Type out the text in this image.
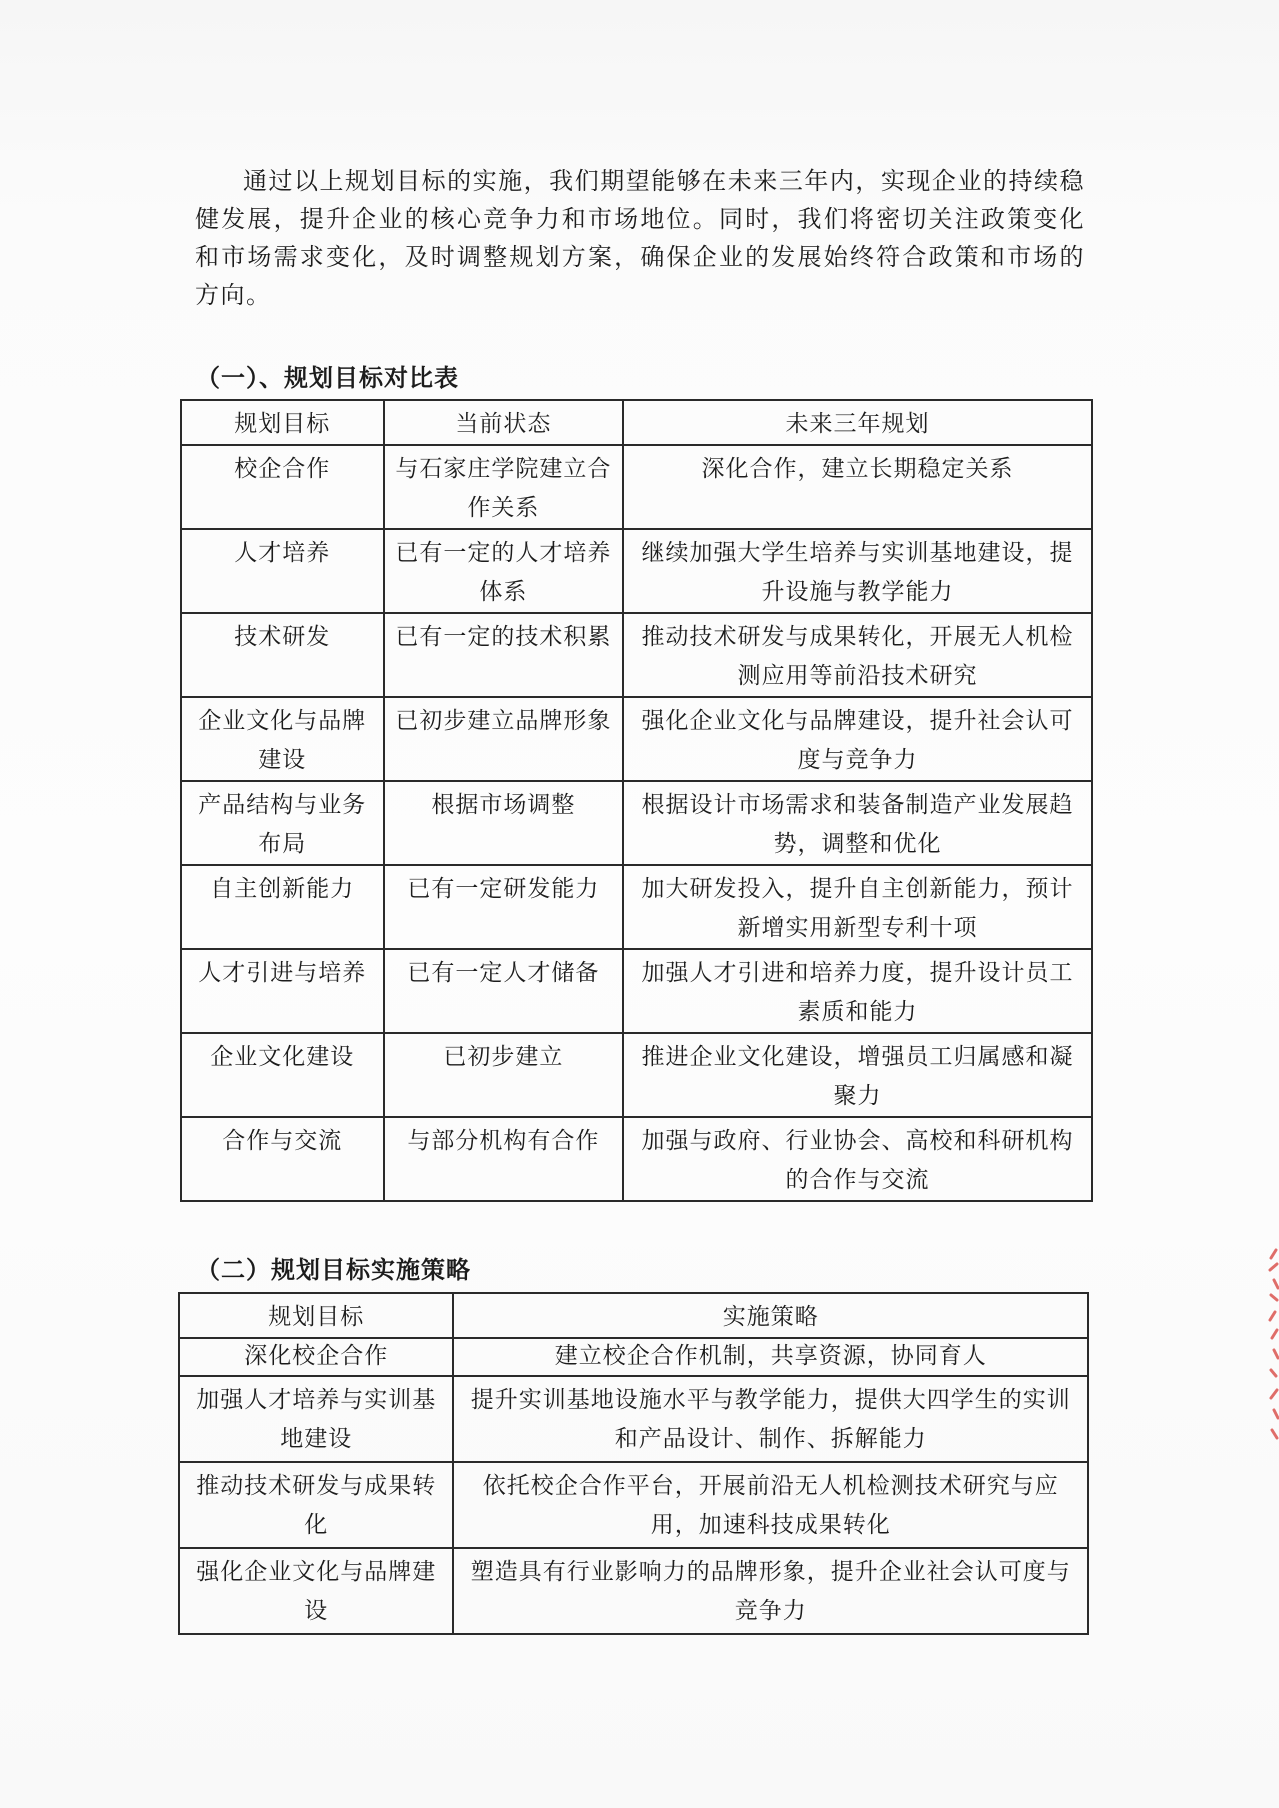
通过以上规划目标的实施，我们期望能够在未来三年内，实现企业的持续稳健发展，提升企业的核心竞争力和市场地位。同时，我们将密切关注政策变化和市场需求变化，及时调整规划方案，确保企业的发展始终符合政策和市场的方向。

（一）、规划目标对比表
规划目标	当前状态	未来三年规划
校企合作	与石家庄学院建立合作关系	深化合作，建立长期稳定关系
人才培养	已有一定的人才培养体系	继续加强大学生培养与实训基地建设，提升设施与教学能力
技术研发	已有一定的技术积累	推动技术研发与成果转化，开展无人机检测应用等前沿技术研究
企业文化与品牌建设	已初步建立品牌形象	强化企业文化与品牌建设，提升社会认可度与竞争力
产品结构与业务布局	根据市场调整	根据设计市场需求和装备制造产业发展趋势，调整和优化
自主创新能力	已有一定研发能力	加大研发投入，提升自主创新能力，预计新增实用新型专利十项
人才引进与培养	已有一定人才储备	加强人才引进和培养力度，提升设计员工素质和能力
企业文化建设	已初步建立	推进企业文化建设，增强员工归属感和凝聚力
合作与交流	与部分机构有合作	加强与政府、行业协会、高校和科研机构的合作与交流
（二）规划目标实施策略
规划目标	实施策略
深化校企合作	建立校企合作机制，共享资源，协同育人
加强人才培养与实训基地建设	提升实训基地设施水平与教学能力，提供大四学生的实训和产品设计、制作、拆解能力
推动技术研发与成果转化	依托校企合作平台，开展前沿无人机检测技术研究与应用，加速科技成果转化
强化企业文化与品牌建设	塑造具有行业影响力的品牌形象，提升企业社会认可度与竞争力
